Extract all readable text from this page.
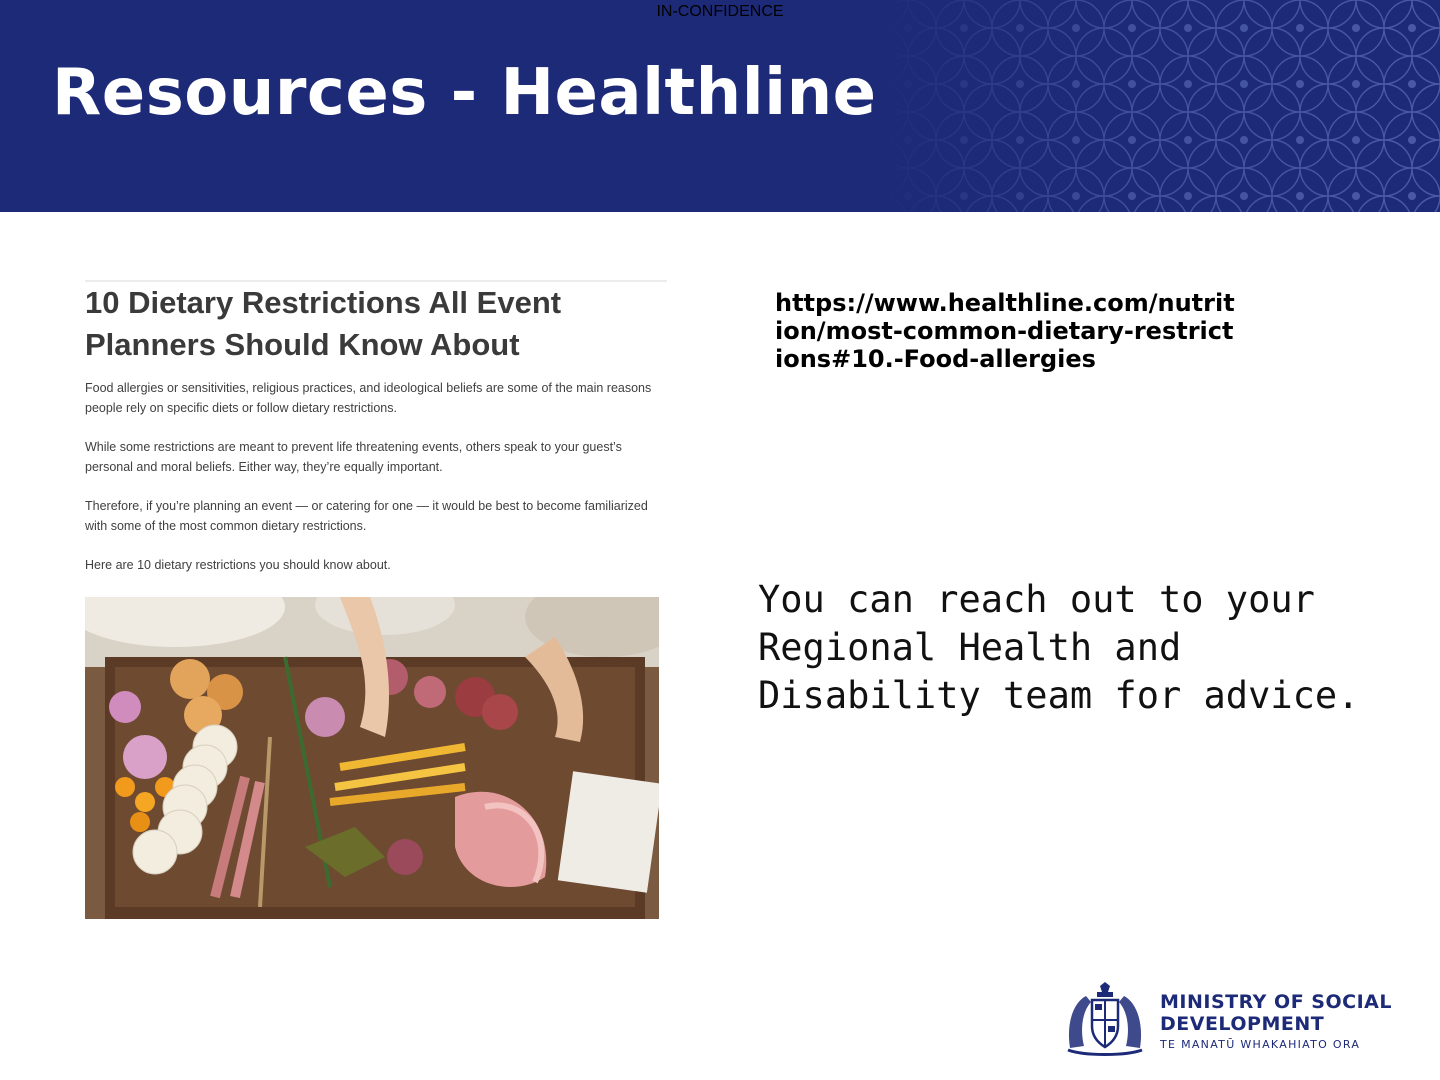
IN-CONFIDENCE
Resources - Healthline
10 Dietary Restrictions All Event Planners Should Know About

Food allergies or sensitivities, religious practices, and ideological beliefs are some of the main reasons people rely on specific diets or follow dietary restrictions.

While some restrictions are meant to prevent life threatening events, others speak to your guest’s personal and moral beliefs. Either way, they’re equally important.

Therefore, if you’re planning an event — or catering for one — it would be best to become familiarized with some of the most common dietary restrictions.

Here are 10 dietary restrictions you should know about.

https://www.healthline.com/nutrition/most-common-dietary-restrictions#10.-Food-allergies

You can reach out to your Regional Health and Disability team for advice.

MINISTRY OF SOCIAL
DEVELOPMENT
TE MANATŪ WHAKAHIATO ORA
